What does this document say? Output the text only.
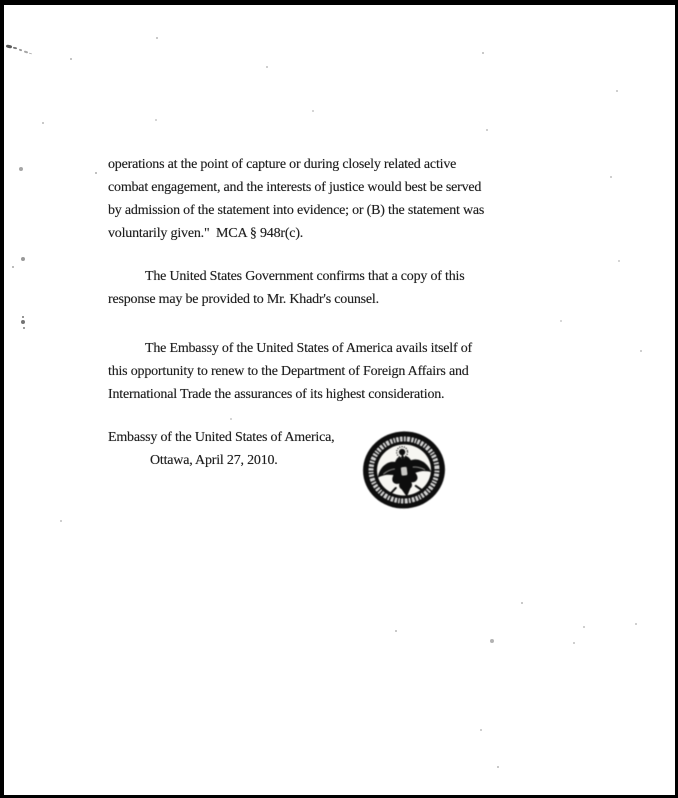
operations at the point of capture or during closely related active
combat engagement, and the interests of justice would best be served
by admission of the statement into evidence; or (B) the statement was
voluntarily given."  MCA § 948r(c).
The United States Government confirms that a copy of this
response may be provided to Mr. Khadr's counsel.
The Embassy of the United States of America avails itself of
this opportunity to renew to the Department of Foreign Affairs and
International Trade the assurances of its highest consideration.
Embassy of the United States of America,
Ottawa, April 27, 2010.
